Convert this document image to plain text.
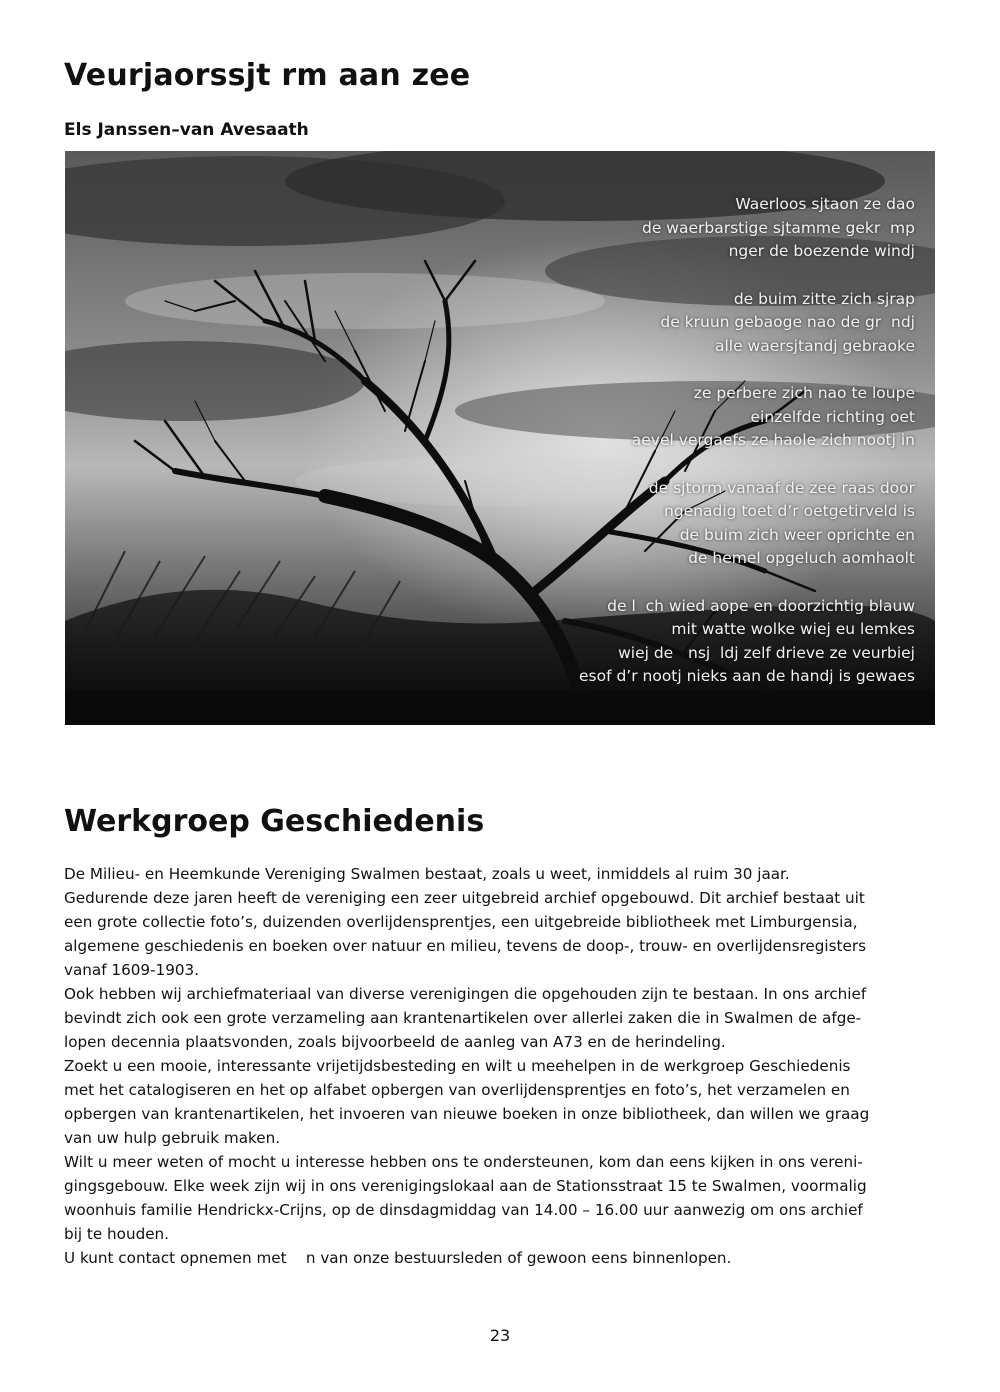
Veurjaorssjt rm aan zee
Els Janssen–van Avesaath
Waerloos sjtaon ze dao
de waerbarstige sjtamme gekr  mp
nger de boezende windj
de buim zitte zich sjrap
de kruun gebaoge nao de gr  ndj
alle waersjtandj gebraoke
ze perbere zich nao te loupe
einzelfde richting oet
aevel vergaefs ze haole zich nootj in
de sjtorm vanaaf de zee raas door
ngenadig toet d’r oetgetirveld is
de buim zich weer oprichte en
de hemel opgeluch aomhaolt
de l  ch wied aope en doorzichtig blauw
mit watte wolke wiej eu lemkes
wiej de   nsj  ldj zelf drieve ze veurbiej
esof d’r nootj nieks aan de handj is gewaes
Werkgroep Geschiedenis
De Milieu- en Heemkunde Vereniging Swalmen bestaat, zoals u weet, inmiddels al ruim 30 jaar.
Gedurende deze jaren heeft de vereniging een zeer uitgebreid archief opgebouwd. Dit archief bestaat uit
een grote collectie foto’s, duizenden overlijdensprentjes, een uitgebreide bibliotheek met Limburgensia,
algemene geschiedenis en boeken over natuur en milieu, tevens de doop-, trouw- en overlijdensregisters
vanaf 1609-1903.
Ook hebben wij archiefmateriaal van diverse verenigingen die opgehouden zijn te bestaan. In ons archief
bevindt zich ook een grote verzameling aan krantenartikelen over allerlei zaken die in Swalmen de afge-
lopen decennia plaatsvonden, zoals bijvoorbeeld de aanleg van A73 en de herindeling.
Zoekt u een mooie, interessante vrijetijdsbesteding en wilt u meehelpen in de werkgroep Geschiedenis
met het catalogiseren en het op alfabet opbergen van overlijdensprentjes en foto’s, het verzamelen en
opbergen van krantenartikelen, het invoeren van nieuwe boeken in onze bibliotheek, dan willen we graag
van uw hulp gebruik maken.
Wilt u meer weten of mocht u interesse hebben ons te ondersteunen, kom dan eens kijken in ons vereni-
gingsgebouw. Elke week zijn wij in ons verenigingslokaal aan de Stationsstraat 15 te Swalmen, voormalig
woonhuis familie Hendrickx-Crijns, op de dinsdagmiddag van 14.00 – 16.00 uur aanwezig om ons archief
bij te houden.
U kunt contact opnemen met    n van onze bestuursleden of gewoon eens binnenlopen.
23
